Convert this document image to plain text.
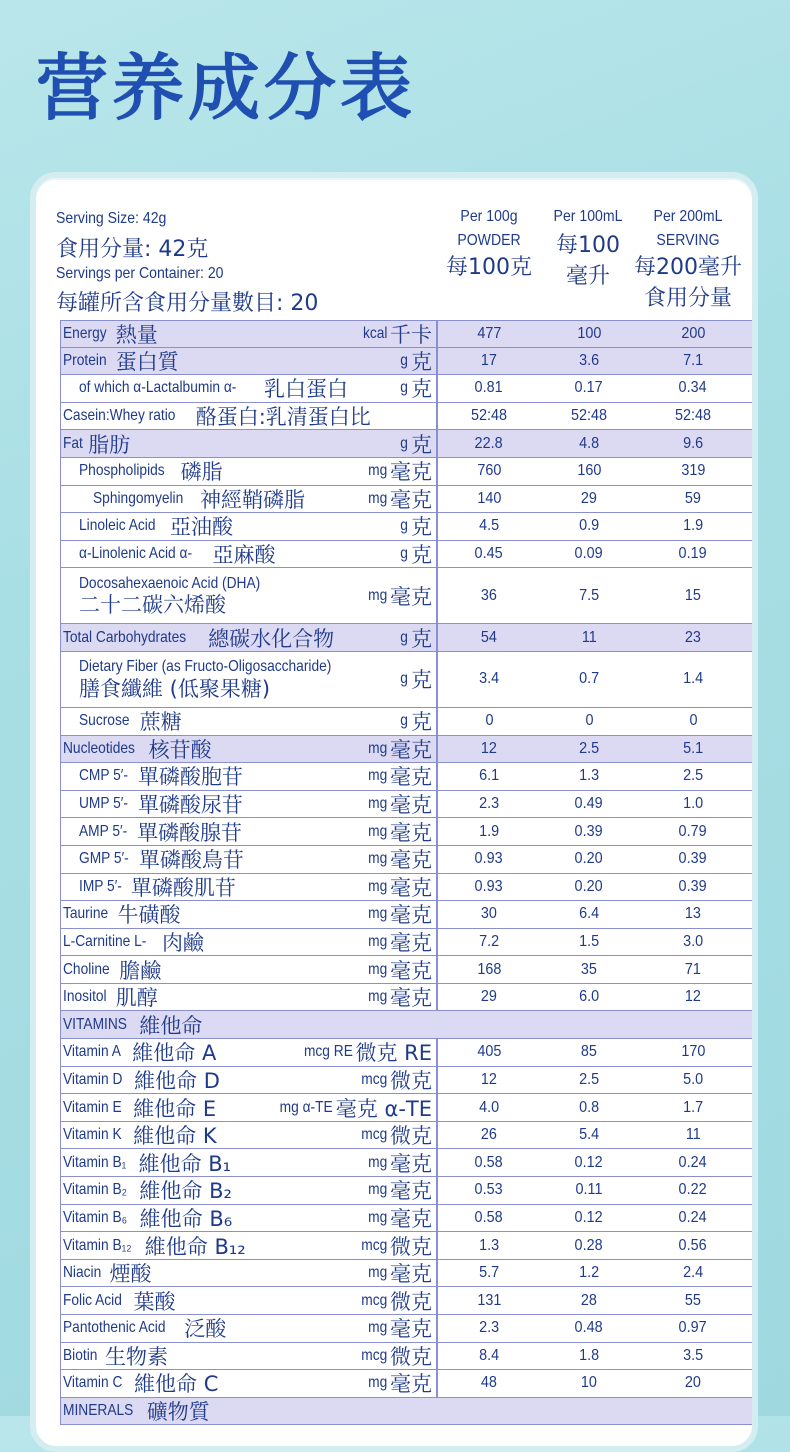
营养成分表
Serving Size: 42g
食用分量: 42克
Servings per Container: 20
每罐所含食用分量數目: 20
Per 100g
POWDER
每100克
Per 100mL
每100
毫升
Per 200mL
SERVING
每200毫升
食用分量
Energy 熱量	kcal 千卡	477	100	200
Protein 蛋白質	g 克	17	3.6	7.1
of which α-Lactalbumin α- 乳白蛋白	g 克	0.81	0.17	0.34
Casein:Whey ratio 酪蛋白:乳清蛋白比	52:48	52:48	52:48
Fat 脂肪	g 克	22.8	4.8	9.6
Phospholipids 磷脂	mg 毫克	760	160	319
Sphingomyelin 神經鞘磷脂	mg 毫克	140	29	59
Linoleic Acid 亞油酸	g 克	4.5	0.9	1.9
α-Linolenic Acid α- 亞麻酸	g 克	0.45	0.09	0.19
Docosahexaenoic Acid (DHA)
二十二碳六烯酸	mg 毫克	36	7.5	15
Total Carbohydrates 總碳水化合物	g 克	54	11	23
Dietary Fiber (as Fructo-Oligosaccharide)
膳食纖維 (低聚果糖)	g 克	3.4	0.7	1.4
Sucrose 蔗糖	g 克	0	0	0
Nucleotides 核苷酸	mg 毫克	12	2.5	5.1
CMP 5′- 單磷酸胞苷	mg 毫克	6.1	1.3	2.5
UMP 5′- 單磷酸尿苷	mg 毫克	2.3	0.49	1.0
AMP 5′- 單磷酸腺苷	mg 毫克	1.9	0.39	0.79
GMP 5′- 單磷酸鳥苷	mg 毫克	0.93	0.20	0.39
IMP 5′- 單磷酸肌苷	mg 毫克	0.93	0.20	0.39
Taurine 牛磺酸	mg 毫克	30	6.4	13
L-Carnitine L- 肉鹼	mg 毫克	7.2	1.5	3.0
Choline 膽鹼	mg 毫克	168	35	71
Inositol 肌醇	mg 毫克	29	6.0	12
VITAMINS 維他命
Vitamin A 維他命 A	mcg RE 微克 RE	405	85	170
Vitamin D 維他命 D	mcg 微克	12	2.5	5.0
Vitamin E 維他命 E	mg α-TE 毫克 α-TE	4.0	0.8	1.7
Vitamin K 維他命 K	mcg 微克	26	5.4	11
Vitamin B₁ 維他命 B₁	mg 毫克	0.58	0.12	0.24
Vitamin B₂ 維他命 B₂	mg 毫克	0.53	0.11	0.22
Vitamin B₆ 維他命 B₆	mg 毫克	0.58	0.12	0.24
Vitamin B₁₂ 維他命 B₁₂	mcg 微克	1.3	0.28	0.56
Niacin 煙酸	mg 毫克	5.7	1.2	2.4
Folic Acid 葉酸	mcg 微克	131	28	55
Pantothenic Acid 泛酸	mg 毫克	2.3	0.48	0.97
Biotin 生物素	mcg 微克	8.4	1.8	3.5
Vitamin C 維他命 C	mg 毫克	48	10	20
MINERALS 礦物質
